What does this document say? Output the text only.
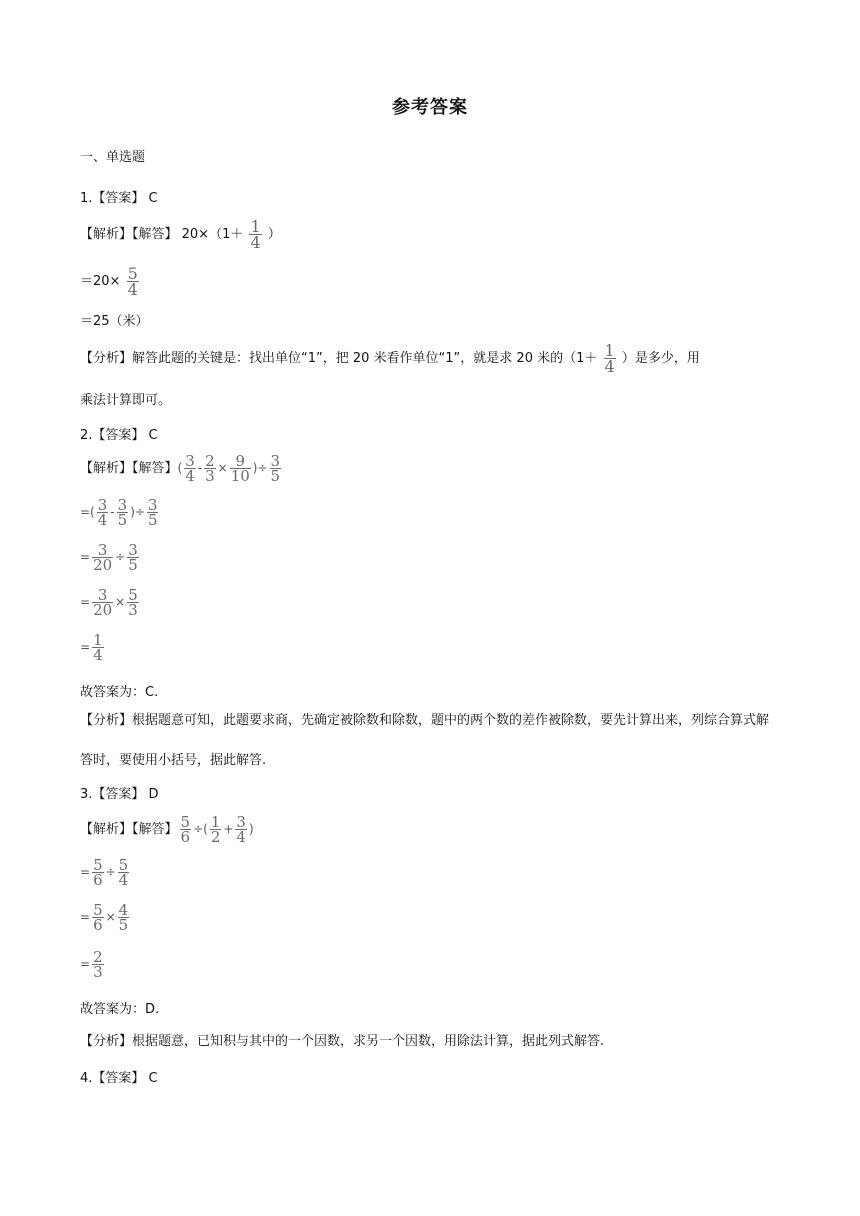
参考答案
一、单选题
1.【答案】 C
【解析】【解答】 $20\times(1+ \frac{1}{4}$ ）
$=20\times \frac{5}{4}$
＝25（米）
【分析】解答此题的关键是：找出单位“1”，把 20 米看作单位“1”，就是求 20 米的（$1+ \frac{1}{4}$ ）是多少，用
乘法计算即可。
2.【答案】 C
【解析】【解答】( $\frac{3}{4} - \frac{2}{3} \times \frac{9}{10}$ )÷ $\frac{3}{5}$
=( $\frac{3}{4} - \frac{3}{5}$ )÷ $\frac{3}{5}$
= $\frac{3}{20} \div \frac{3}{5}$
= $\frac{3}{20} \times \frac{5}{3}$
= $\frac{1}{4}$
故答案为：C.
【分析】根据题意可知，此题要求商，先确定被除数和除数，题中的两个数的差作被除数，要先计算出来，列综合算式解答时，要使用小括号，据此解答.
3.【答案】 D
【解析】【解答】 $\frac{5}{6}$ ÷( $\frac{1}{2} + \frac{3}{4}$ )
= $\frac{5}{6} \div \frac{5}{4}$
= $\frac{5}{6} \times \frac{4}{5}$
= $\frac{2}{3}$
故答案为：D.
【分析】根据题意，已知积与其中的一个因数，求另一个因数，用除法计算，据此列式解答.
4.【答案】 C
